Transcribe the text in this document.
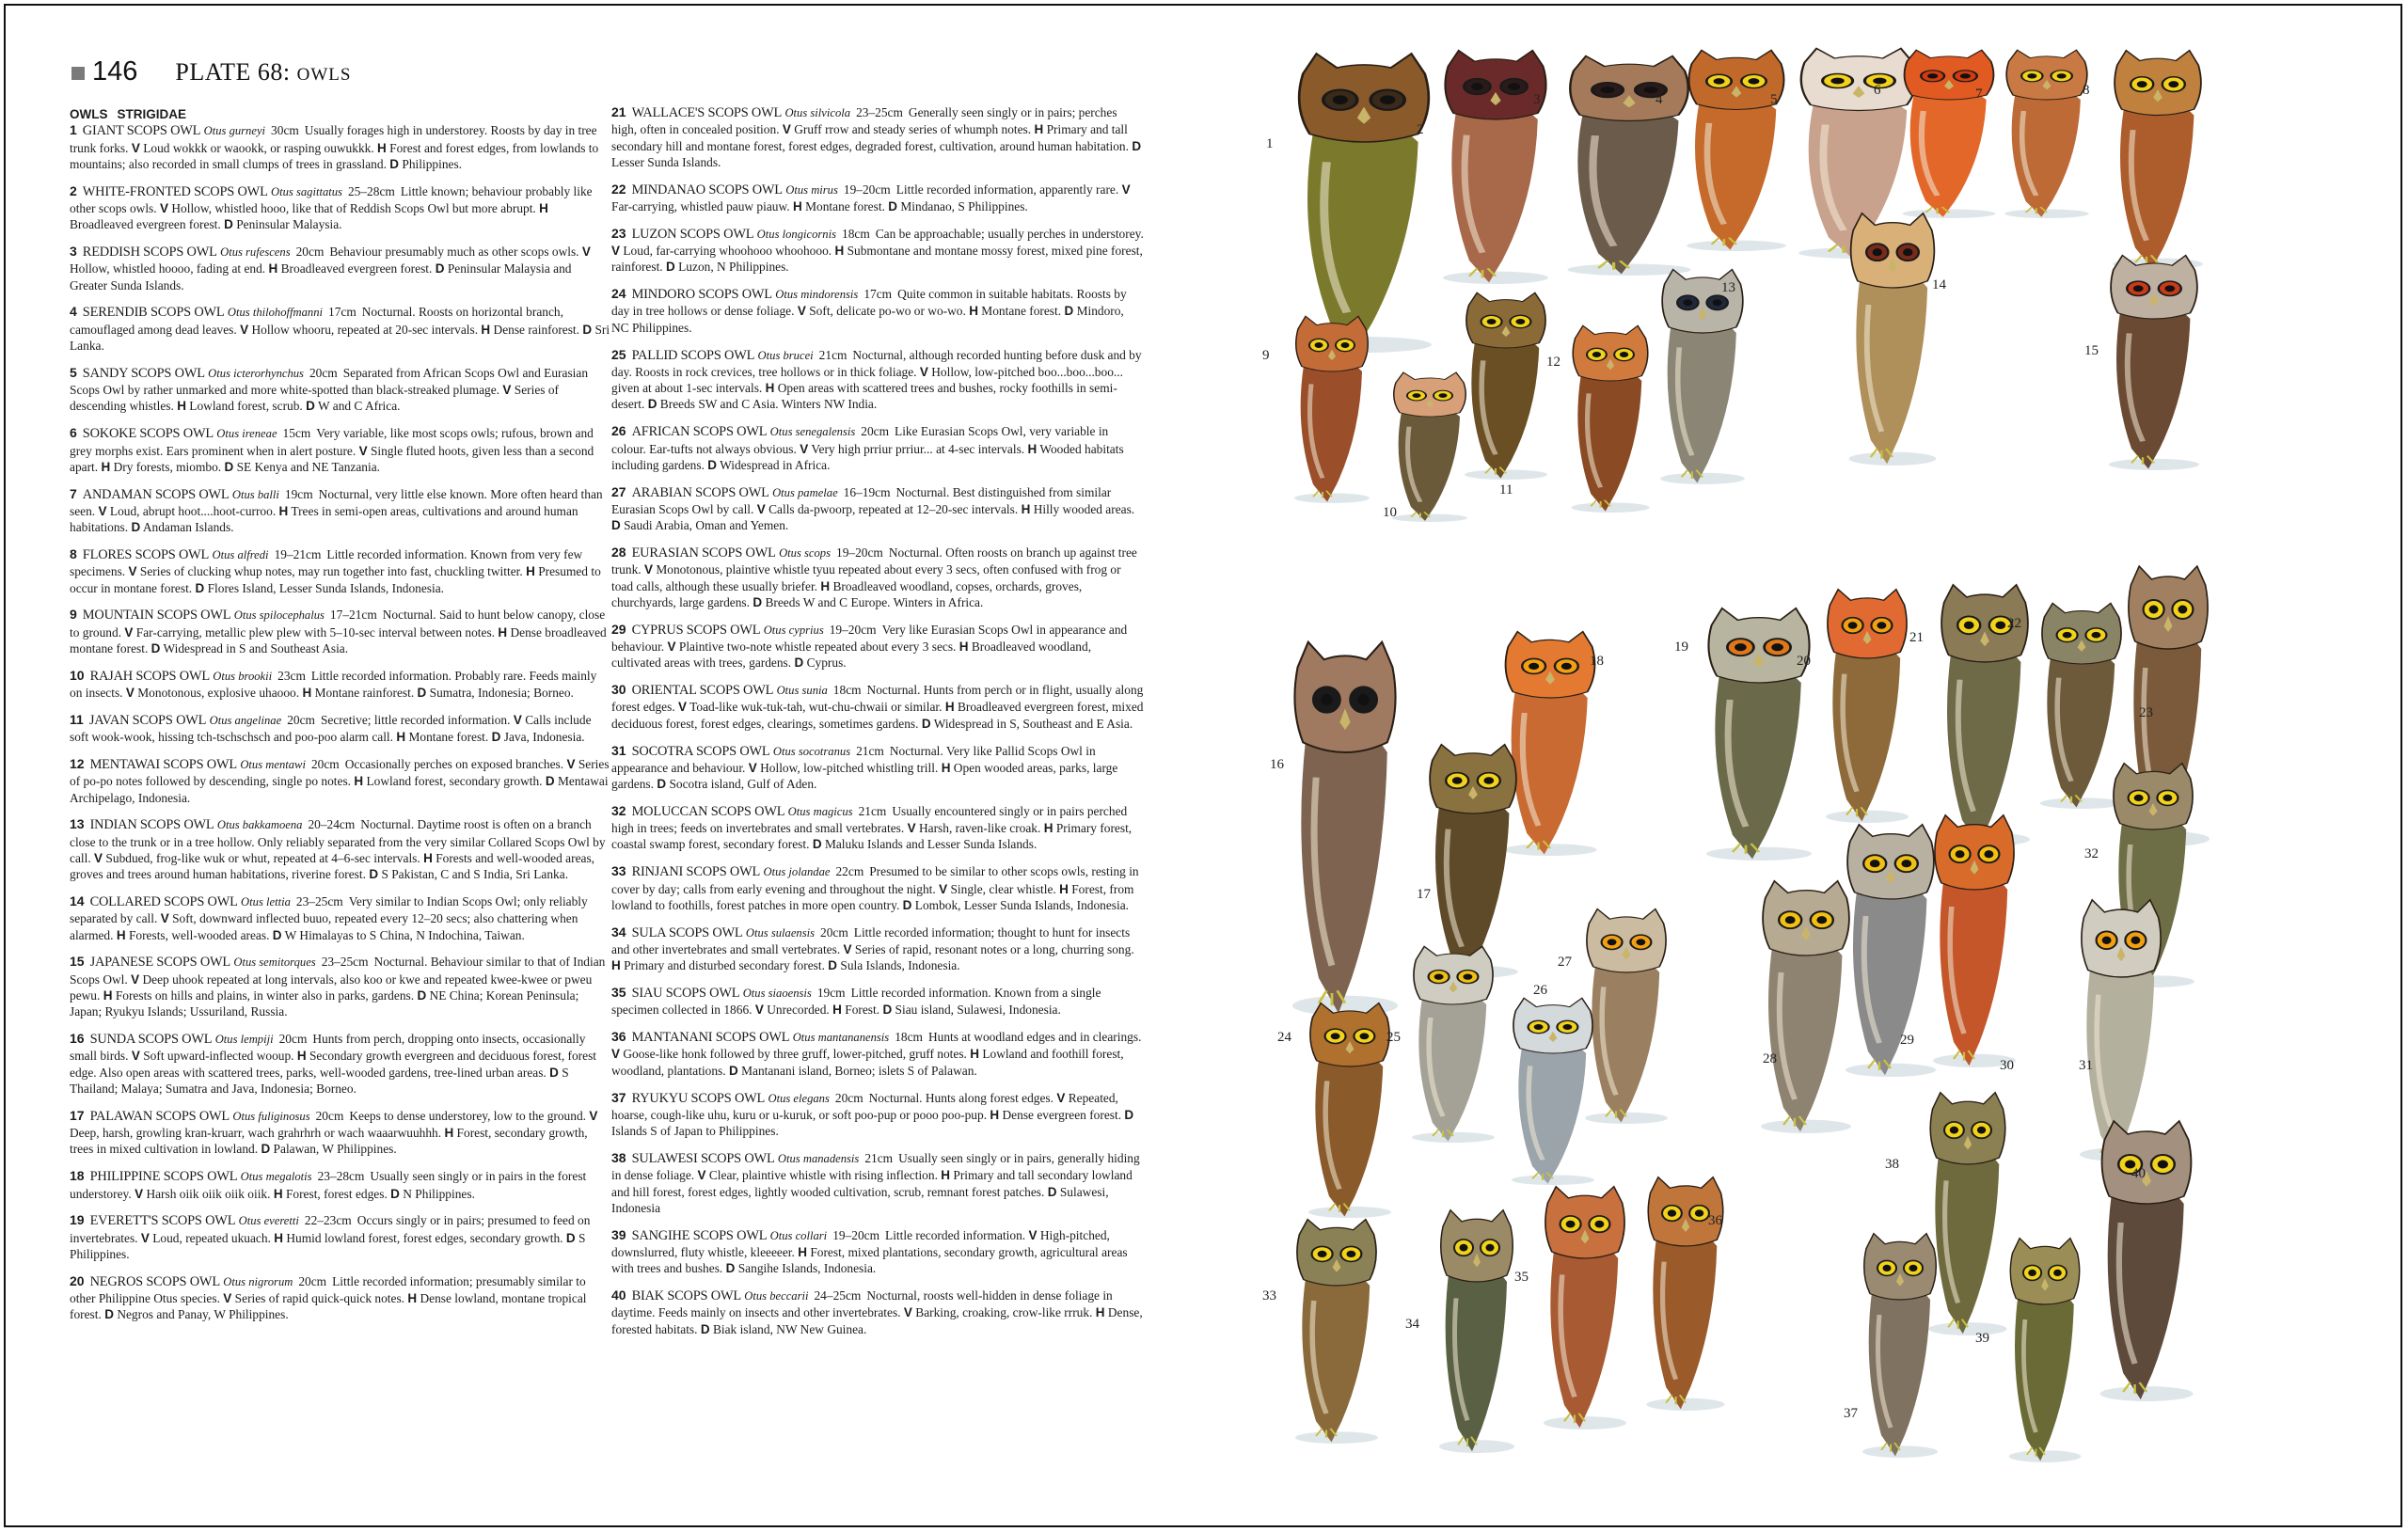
146 PLATE 68: OWLS

OWLS STRIGIDAE

1 GIANT SCOPS OWL Otus gurneyi 30cm Usually forages high in understorey. Roosts by day in tree trunk forks. V Loud wokkk or waookk, or rasping ouwukkk. H Forest and forest edges, from lowlands to mountains; also recorded in small clumps of trees in grassland. D Philippines.

2 WHITE-FRONTED SCOPS OWL Otus sagittatus 25–28cm Little known; behaviour probably like other scops owls. V Hollow, whistled hooo, like that of Reddish Scops Owl but more abrupt. H Broadleaved evergreen forest. D Peninsular Malaysia.

3 REDDISH SCOPS OWL Otus rufescens 20cm Behaviour presumably much as other scops owls. V Hollow, whistled hoooo, fading at end. H Broadleaved evergreen forest. D Peninsular Malaysia and Greater Sunda Islands.

4 SERENDIB SCOPS OWL Otus thilohoffmanni 17cm Nocturnal. Roosts on horizontal branch, camouflaged among dead leaves. V Hollow whooru, repeated at 20-sec intervals. H Dense rainforest. D Sri Lanka.

5 SANDY SCOPS OWL Otus icterorhynchus 20cm Separated from African Scops Owl and Eurasian Scops Owl by rather unmarked and more white-spotted than black-streaked plumage. V Series of descending whistles. H Lowland forest, scrub. D W and C Africa.

6 SOKOKE SCOPS OWL Otus ireneae 15cm Very variable, like most scops owls; rufous, brown and grey morphs exist. Ears prominent when in alert posture. V Single fluted hoots, given less than a second apart. H Dry forests, miombo. D SE Kenya and NE Tanzania.

7 ANDAMAN SCOPS OWL Otus balli 19cm Nocturnal, very little else known. More often heard than seen. V Loud, abrupt hoot....hoot-curroo. H Trees in semi-open areas, cultivations and around human habitations. D Andaman Islands.

8 FLORES SCOPS OWL Otus alfredi 19–21cm Little recorded information. Known from very few specimens. V Series of clucking whup notes, may run together into fast, chuckling twitter. H Presumed to occur in montane forest. D Flores Island, Lesser Sunda Islands, Indonesia.

9 MOUNTAIN SCOPS OWL Otus spilocephalus 17–21cm Nocturnal. Said to hunt below canopy, close to ground. V Far-carrying, metallic plew plew with 5–10-sec interval between notes. H Dense broadleaved montane forest. D Widespread in S and Southeast Asia.

10 RAJAH SCOPS OWL Otus brookii 23cm Little recorded information. Probably rare. Feeds mainly on insects. V Monotonous, explosive uhaooo. H Montane rainforest. D Sumatra, Indonesia; Borneo.

11 JAVAN SCOPS OWL Otus angelinae 20cm Secretive; little recorded information. V Calls include soft wook-wook, hissing tch-tschschsch and poo-poo alarm call. H Montane forest. D Java, Indonesia.

12 MENTAWAI SCOPS OWL Otus mentawi 20cm Occasionally perches on exposed branches. V Series of po-po notes followed by descending, single po notes. H Lowland forest, secondary growth. D Mentawai Archipelago, Indonesia.

13 INDIAN SCOPS OWL Otus bakkamoena 20–24cm Nocturnal. Daytime roost is often on a branch close to the trunk or in a tree hollow. Only reliably separated from the very similar Collared Scops Owl by call. V Subdued, frog-like wuk or whut, repeated at 4–6-sec intervals. H Forests and well-wooded areas, groves and trees around human habitations, riverine forest. D S Pakistan, C and S India, Sri Lanka.

14 COLLARED SCOPS OWL Otus lettia 23–25cm Very similar to Indian Scops Owl; only reliably separated by call. V Soft, downward inflected buuo, repeated every 12–20 secs; also chattering when alarmed. H Forests, well-wooded areas. D W Himalayas to S China, N Indochina, Taiwan.

15 JAPANESE SCOPS OWL Otus semitorques 23–25cm Nocturnal. Behaviour similar to that of Indian Scops Owl. V Deep uhook repeated at long intervals, also koo or kwe and repeated kwee-kwee or pweu pewu. H Forests on hills and plains, in winter also in parks, gardens. D NE China; Korean Peninsula; Japan; Ryukyu Islands; Ussuriland, Russia.

16 SUNDA SCOPS OWL Otus lempiji 20cm Hunts from perch, dropping onto insects, occasionally small birds. V Soft upward-inflected wooup. H Secondary growth evergreen and deciduous forest, forest edge. Also open areas with scattered trees, parks, well-wooded gardens, tree-lined urban areas. D S Thailand; Malaya; Sumatra and Java, Indonesia; Borneo.

17 PALAWAN SCOPS OWL Otus fuliginosus 20cm Keeps to dense understorey, low to the ground. V Deep, harsh, growling kran-kruarr, wach grahrhrh or wach waaarwuuhhh. H Forest, secondary growth, trees in mixed cultivation in lowland. D Palawan, W Philippines.

18 PHILIPPINE SCOPS OWL Otus megalotis 23–28cm Usually seen singly or in pairs in the forest understorey. V Harsh oiik oiik oiik oiik. H Forest, forest edges. D N Philippines.

19 EVERETT'S SCOPS OWL Otus everetti 22–23cm Occurs singly or in pairs; presumed to feed on invertebrates. V Loud, repeated ukuach. H Humid lowland forest, forest edges, secondary growth. D S Philippines.

20 NEGROS SCOPS OWL Otus nigrorum 20cm Little recorded information; presumably similar to other Philippine Otus species. V Series of rapid quick-quick notes. H Dense lowland, montane tropical forest. D Negros and Panay, W Philippines.

21 WALLACE'S SCOPS OWL Otus silvicola 23–25cm Generally seen singly or in pairs; perches high, often in concealed position. V Gruff rrow and steady series of whumph notes. H Primary and tall secondary hill and montane forest, forest edges, degraded forest, cultivation, around human habitation. D Lesser Sunda Islands.

22 MINDANAO SCOPS OWL Otus mirus 19–20cm Little recorded information, apparently rare. V Far-carrying, whistled pauw piauw. H Montane forest. D Mindanao, S Philippines.

23 LUZON SCOPS OWL Otus longicornis 18cm Can be approachable; usually perches in understorey. V Loud, far-carrying whoohooo whoohooo. H Submontane and montane mossy forest, mixed pine forest, rainforest. D Luzon, N Philippines.

24 MINDORO SCOPS OWL Otus mindorensis 17cm Quite common in suitable habitats. Roosts by day in tree hollows or dense foliage. V Soft, delicate po-wo or wo-wo. H Montane forest. D Mindoro, NC Philippines.

25 PALLID SCOPS OWL Otus brucei 21cm Nocturnal, although recorded hunting before dusk and by day. Roosts in rock crevices, tree hollows or in thick foliage. V Hollow, low-pitched boo...boo...boo... given at about 1-sec intervals. H Open areas with scattered trees and bushes, rocky foothills in semi-desert. D Breeds SW and C Asia. Winters NW India.

26 AFRICAN SCOPS OWL Otus senegalensis 20cm Like Eurasian Scops Owl, very variable in colour. Ear-tufts not always obvious. V Very high prriur prriur... at 4-sec intervals. H Wooded habitats including gardens. D Widespread in Africa.

27 ARABIAN SCOPS OWL Otus pamelae 16–19cm Nocturnal. Best distinguished from similar Eurasian Scops Owl by call. V Calls da-pwoorp, repeated at 12–20-sec intervals. H Hilly wooded areas. D Saudi Arabia, Oman and Yemen.

28 EURASIAN SCOPS OWL Otus scops 19–20cm Nocturnal. Often roosts on branch up against tree trunk. V Monotonous, plaintive whistle tyuu repeated about every 3 secs, often confused with frog or toad calls, although these usually briefer. H Broadleaved woodland, copses, orchards, groves, churchyards, large gardens. D Breeds W and C Europe. Winters in Africa.

29 CYPRUS SCOPS OWL Otus cyprius 19–20cm Very like Eurasian Scops Owl in appearance and behaviour. V Plaintive two-note whistle repeated about every 3 secs. H Broadleaved woodland, cultivated areas with trees, gardens. D Cyprus.

30 ORIENTAL SCOPS OWL Otus sunia 18cm Nocturnal. Hunts from perch or in flight, usually along forest edges. V Toad-like wuk-tuk-tah, wut-chu-chwaii or similar. H Broadleaved evergreen forest, mixed deciduous forest, forest edges, clearings, sometimes gardens. D Widespread in S, Southeast and E Asia.

31 SOCOTRA SCOPS OWL Otus socotranus 21cm Nocturnal. Very like Pallid Scops Owl in appearance and behaviour. V Hollow, low-pitched whistling trill. H Open wooded areas, parks, large gardens. D Socotra island, Gulf of Aden.

32 MOLUCCAN SCOPS OWL Otus magicus 21cm Usually encountered singly or in pairs perched high in trees; feeds on invertebrates and small vertebrates. V Harsh, raven-like croak. H Primary forest, coastal swamp forest, secondary forest. D Maluku Islands and Lesser Sunda Islands.

33 RINJANI SCOPS OWL Otus jolandae 22cm Presumed to be similar to other scops owls, resting in cover by day; calls from early evening and throughout the night. V Single, clear whistle. H Forest, from lowland to foothills, forest patches in more open country. D Lombok, Lesser Sunda Islands, Indonesia.

34 SULA SCOPS OWL Otus sulaensis 20cm Little recorded information; thought to hunt for insects and other invertebrates and small vertebrates. V Series of rapid, resonant notes or a long, churring song. H Primary and disturbed secondary forest. D Sula Islands, Indonesia.

35 SIAU SCOPS OWL Otus siaoensis 19cm Little recorded information. Known from a single specimen collected in 1866. V Unrecorded. H Forest. D Siau island, Sulawesi, Indonesia.

36 MANTANANI SCOPS OWL Otus mantananensis 18cm Hunts at woodland edges and in clearings. V Goose-like honk followed by three gruff, lower-pitched, gruff notes. H Lowland and foothill forest, woodland, plantations. D Mantanani island, Borneo; islets S of Palawan.

37 RYUKYU SCOPS OWL Otus elegans 20cm Nocturnal. Hunts along forest edges. V Repeated, hoarse, cough-like uhu, kuru or u-kuruk, or soft poo-pup or pooo poo-pup. H Dense evergreen forest. D Islands S of Japan to Philippines.

38 SULAWESI SCOPS OWL Otus manadensis 21cm Usually seen singly or in pairs, generally hiding in dense foliage. V Clear, plaintive whistle with rising inflection. H Primary and tall secondary lowland and hill forest, forest edges, lightly wooded cultivation, scrub, remnant forest patches. D Sulawesi, Indonesia

39 SANGIHE SCOPS OWL Otus collari 19–20cm Little recorded information. V High-pitched, downslurred, fluty whistle, kleeeeer. H Forest, mixed plantations, secondary growth, agricultural areas with trees and bushes. D Sangihe Islands, Indonesia.

40 BIAK SCOPS OWL Otus beccarii 24–25cm Nocturnal, roosts well-hidden in dense foliage in daytime. Feeds mainly on insects and other invertebrates. V Barking, croaking, crow-like rrruk. H Dense, forested habitats. D Biak island, NW New Guinea.

1
2
3	4	5
6	7	8
9
10
11
12
13	14
15
16
17
18
19
20
21
22
23
24	25
26
27
28
29
30	31
32
33
34
35
36
37
38
39
40
